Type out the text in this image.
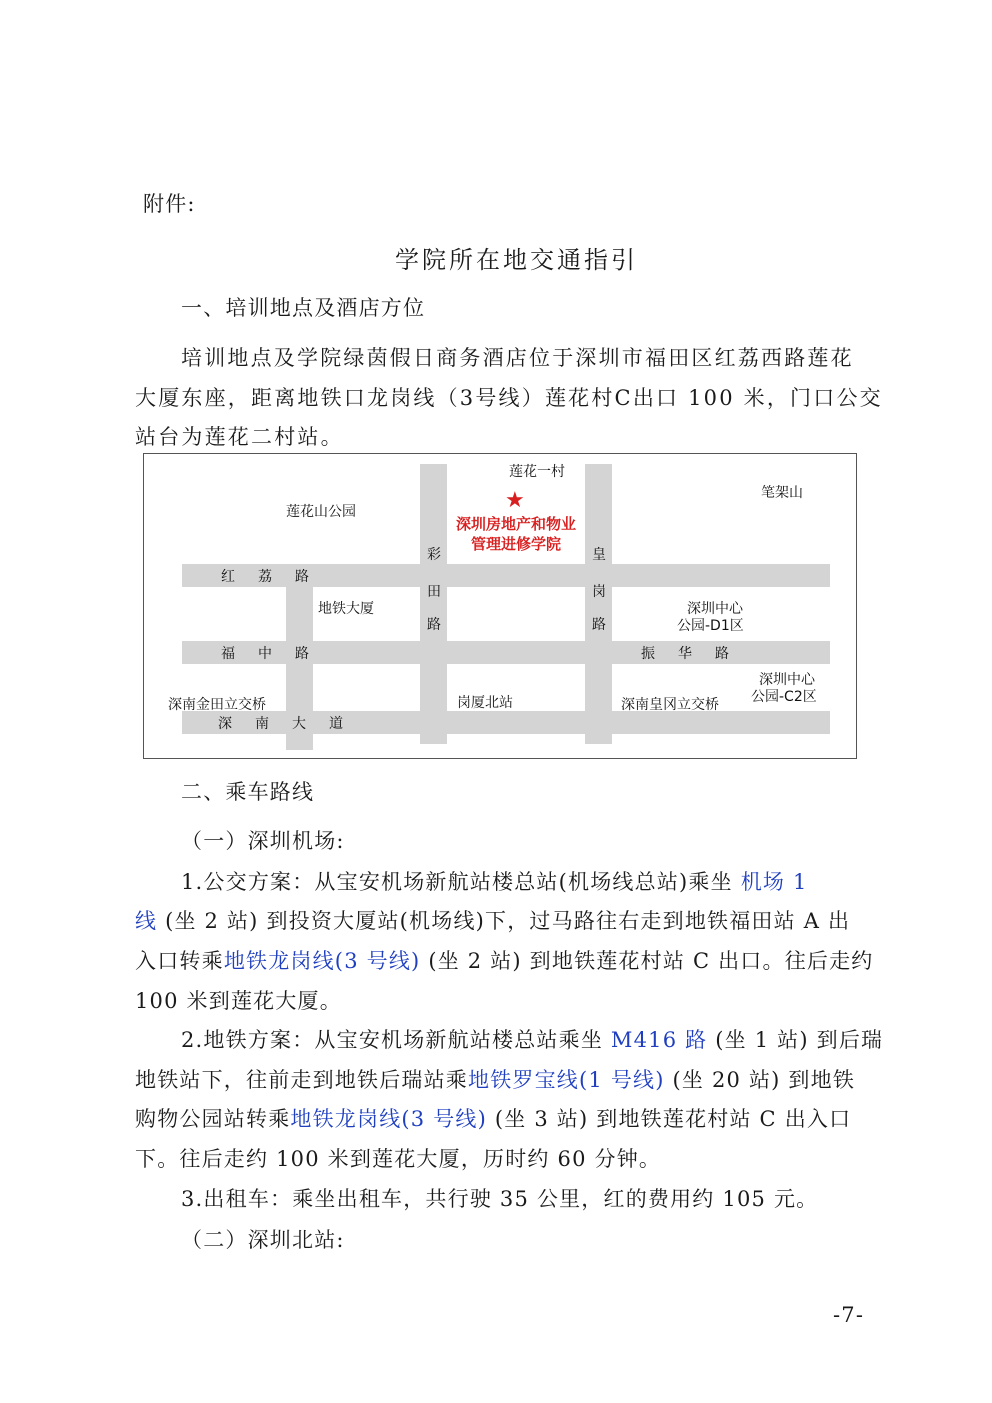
附件:
学院所在地交通指引
一、培训地点及酒店方位
培训地点及学院绿茵假日商务酒店位于深圳市福田区红荔西路莲花
大厦东座，距离地铁口龙岗线（3号线）莲花村C出口 100 米，门口公交
站台为莲花二村站。
莲花一村
笔架山
莲花山公园	★
深圳房地产和物业
管理进修学院
红荔路
福中路
深南大道
振华路
彩
田
路
皇
岗
路
地铁大厦	深圳中心
公园-D1区
深圳中心
公园-C2区
深南金田立交桥	岗厦北站	深南皇冈立交桥
二、乘车路线
（一）深圳机场:
1.公交方案：从宝安机场新航站楼总站(机场线总站)乘坐 机场 1
线 (坐 2 站) 到投资大厦站(机场线)下，过马路往右走到地铁福田站 A 出
入口转乘地铁龙岗线(3 号线) (坐 2 站) 到地铁莲花村站 C 出口。往后走约
100 米到莲花大厦。
2.地铁方案：从宝安机场新航站楼总站乘坐 M416 路 (坐 1 站) 到后瑞
地铁站下，往前走到地铁后瑞站乘地铁罗宝线(1 号线) (坐 20 站) 到地铁
购物公园站转乘地铁龙岗线(3 号线) (坐 3 站) 到地铁莲花村站 C 出入口
下。往后走约 100 米到莲花大厦，历时约 60 分钟。
3.出租车：乘坐出租车，共行驶 35 公里，红的费用约 105 元。
（二）深圳北站:
-7-
